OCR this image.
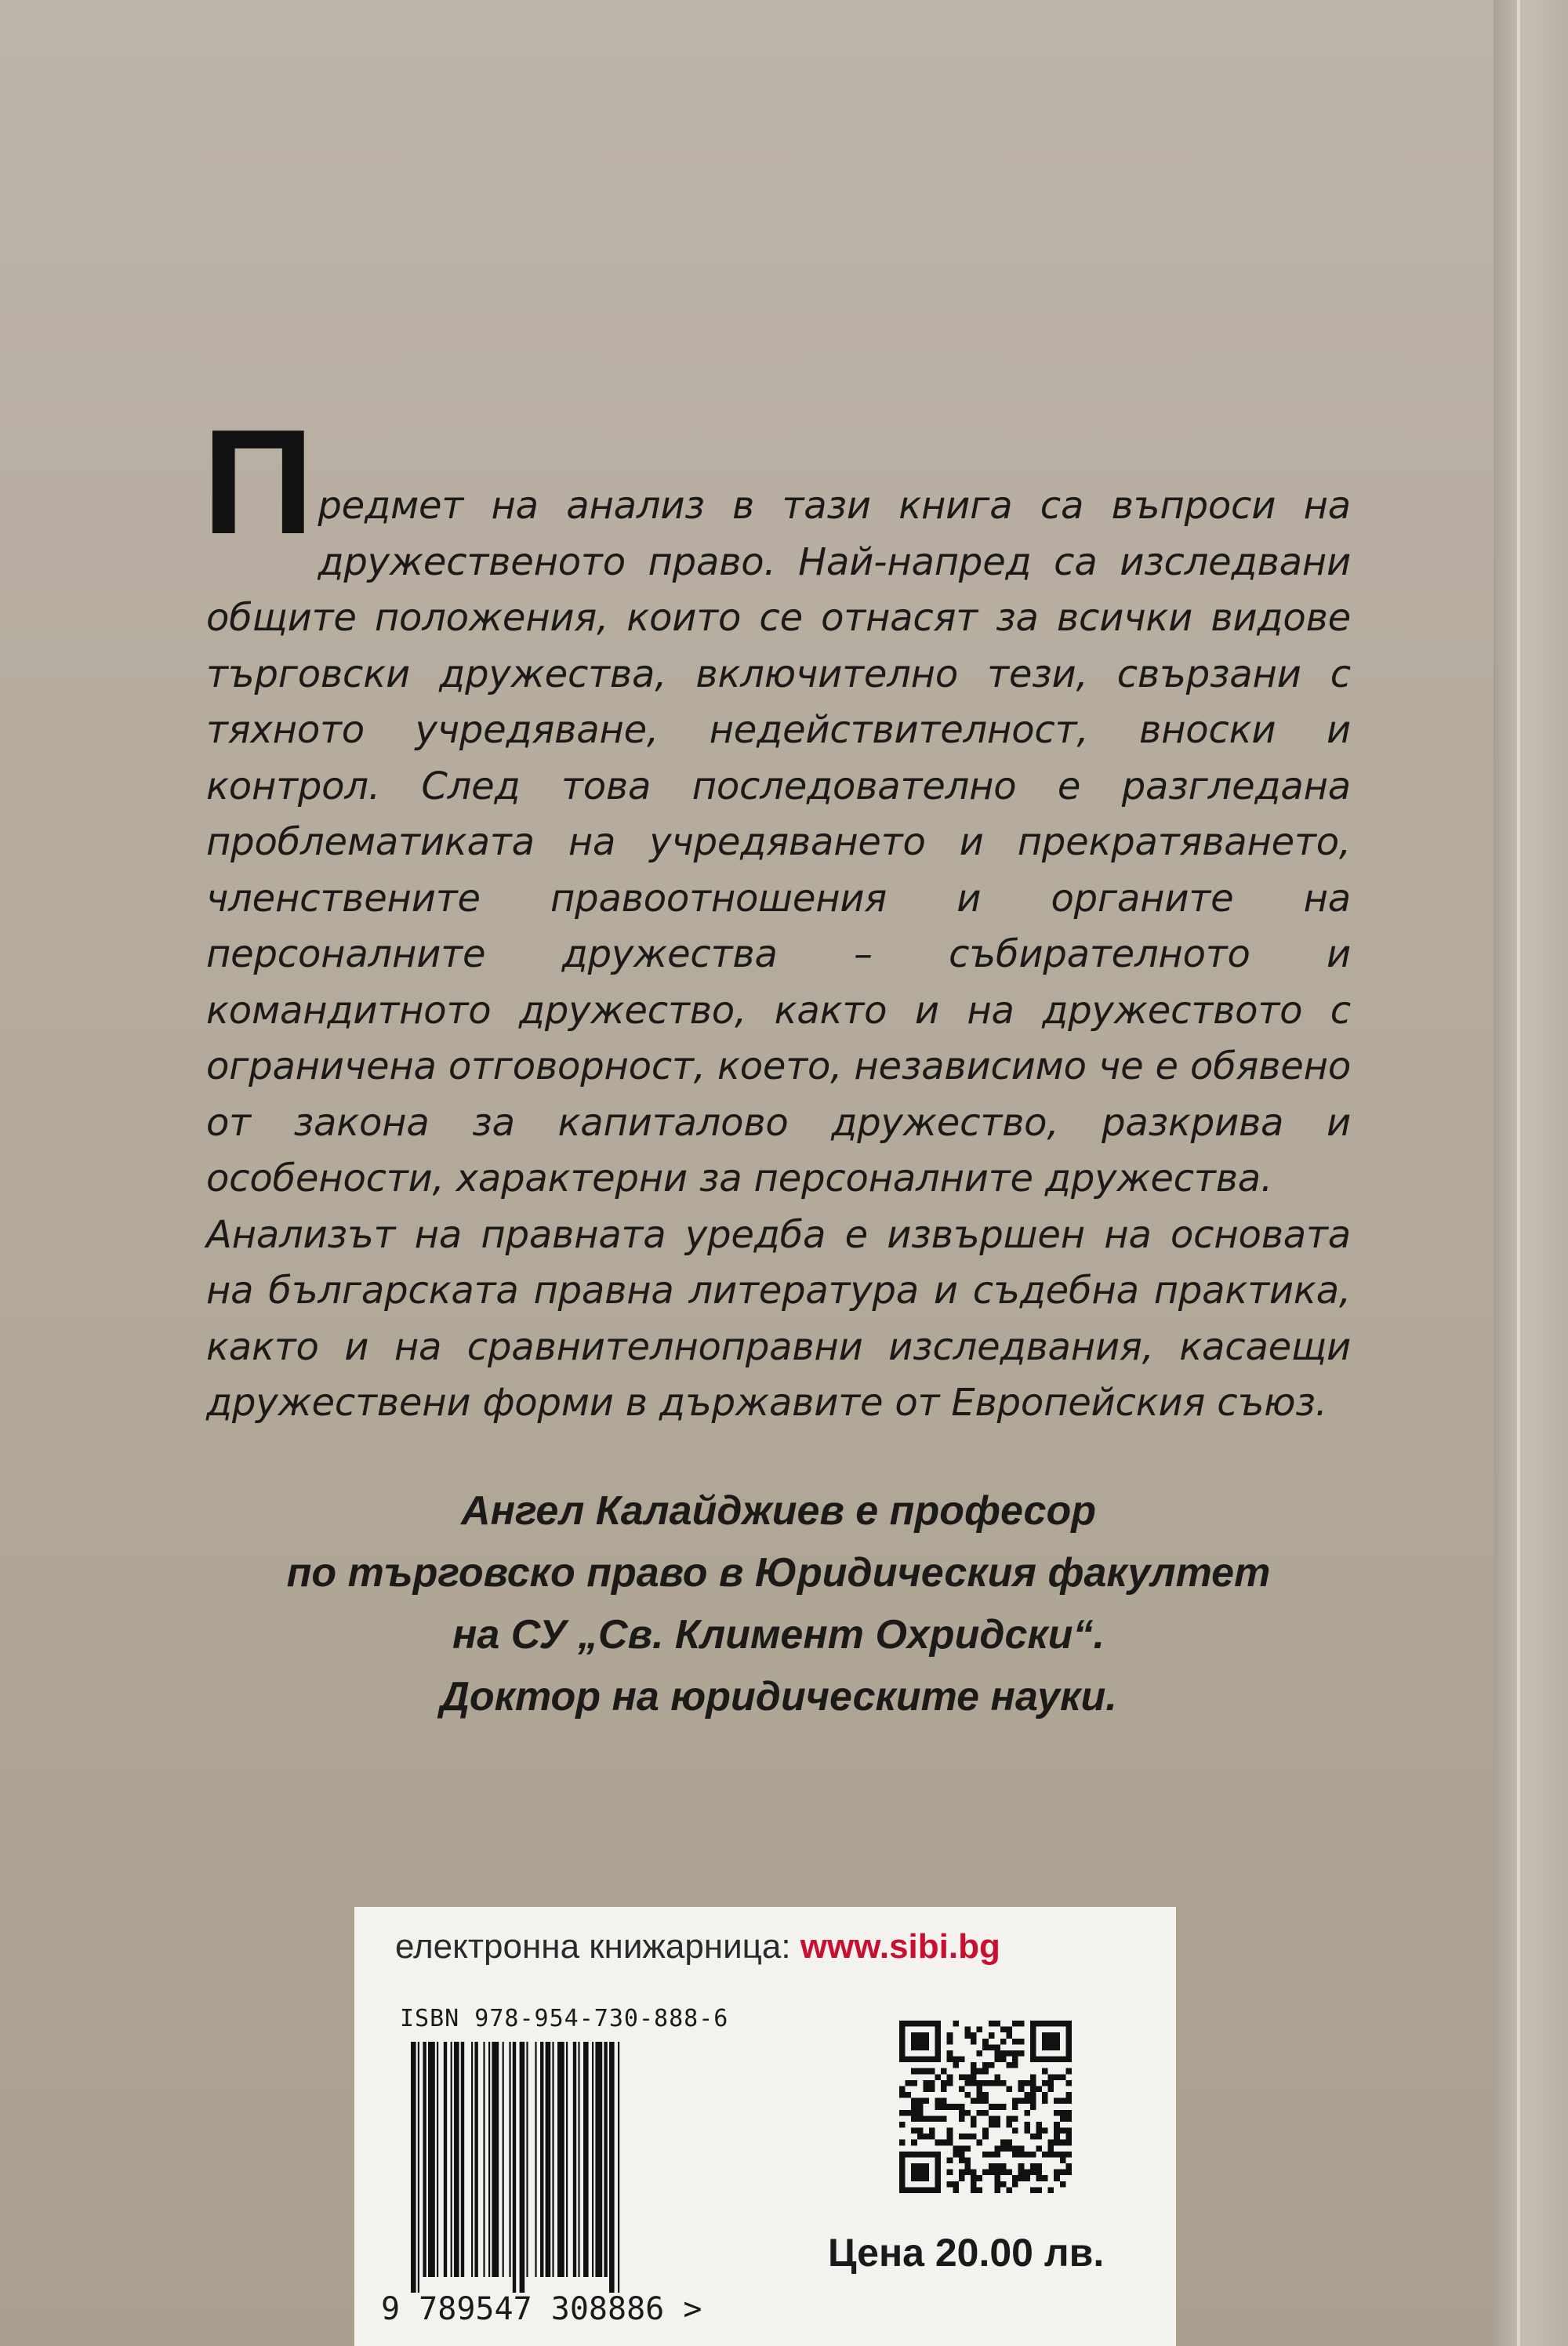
Предмет на анализ в тази книга са въпроси на дружественото право. Най-напред са изследвани общите положения, които се отнасят за всички видове търговски дружества, включително тези, свързани с тяхното учредяване, недействителност, вноски и контрол. След това последователно е разгледана проблематиката на учредяването и прекратяването, членствените правоотношения и органите на персоналните дружества – събирателното и командитното дружество, както и на дружеството с ограничена отговорност, което, независимо че е обявено от закона за капиталово дружество, разкрива и особености, характерни за персоналните дружества.

Анализът на правната уредба е извършен на основата на българската правна литература и съдебна практика, както и на сравнителноправни изследвания, касаещи дружествени форми в държавите от Европейския съюз.

Ангел Калайджиев е професор
по търговско право в Юридическия факултет
на СУ „Св. Климент Охридски“.
Доктор на юридическите науки.
електронна книжарница: www.sibi.bg
ISBN 978-954-730-888-6
9 789547 308886 >
Цена 20.00 лв.
